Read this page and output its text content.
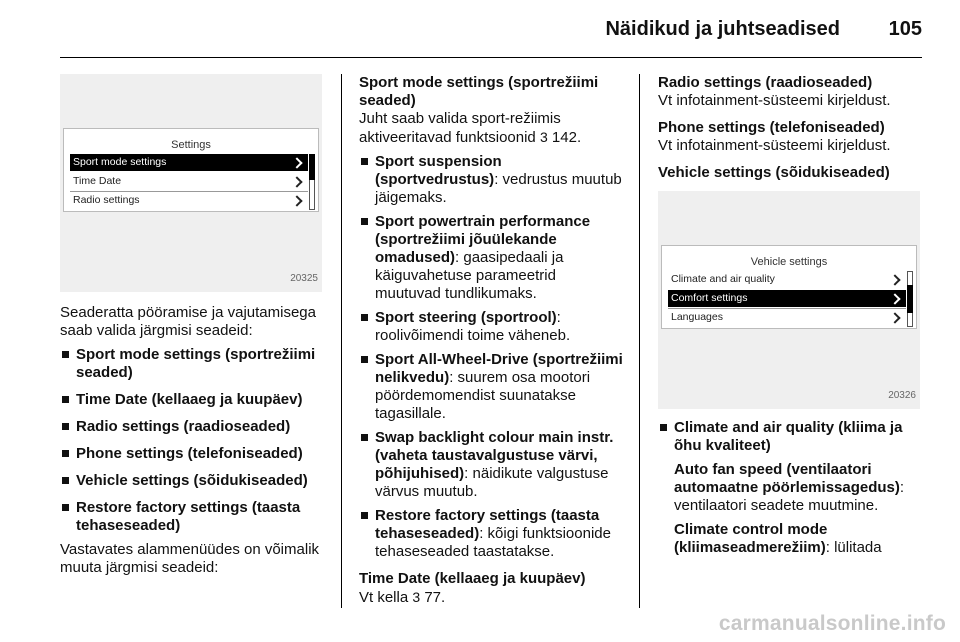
Näidikud ja juhtseadised 105
Settings
Sport mode settings
Time Date
Radio settings
20325

Seaderatta pööramise ja vajutamisega saab valida järgmisi seadeid:

Sport mode settings (sportrežiimi seaded)

Time Date (kellaaeg ja kuupäev)

Radio settings (raadioseaded)

Phone settings (telefoniseaded)

Vehicle settings (sõidukiseaded)

Restore factory settings (taasta tehaseseaded)

Vastavates alammenüüdes on võimalik muuta järgmisi seadeid:

Sport mode settings (sportrežiimi seaded)

Juht saab valida sport-režiimis aktiveeritavad funktsioonid 3 142.

Sport suspension (sportvedrustus): vedrustus muutub jäigemaks.

Sport powertrain performance (sportrežiimi jõuülekande omadused): gaasipedaali ja käiguvahetuse parameetrid muutuvad tundlikumaks.

Sport steering (sportrool): roolivõimendi toime väheneb.

Sport All-Wheel-Drive (sportrežiimi nelikvedu): suurem osa mootori pöördemomendist suunatakse tagasillale.

Swap backlight colour main instr. (vaheta taustavalgustuse värvi, põhijuhised): näidikute valgustuse värvus muutub.

Restore factory settings (taasta tehaseseaded): kõigi funktsioonide tehaseseaded taastatakse.

Time Date (kellaaeg ja kuupäev)

Vt kella 3 77.

Radio settings (raadioseaded)

Vt infotainment-süsteemi kirjeldust.

Phone settings (telefoniseaded)

Vt infotainment-süsteemi kirjeldust.

Vehicle settings (sõidukiseaded)

Vehicle settings
Climate and air quality
Comfort settings
Languages
20326

Climate and air quality (kliima ja õhu kvaliteet)

Auto fan speed (ventilaatori automaatne pöörlemissagedus): ventilaatori seadete muutmine.

Climate control mode (kliimaseadmerežiim): lülitada

carmanualsonline.info
